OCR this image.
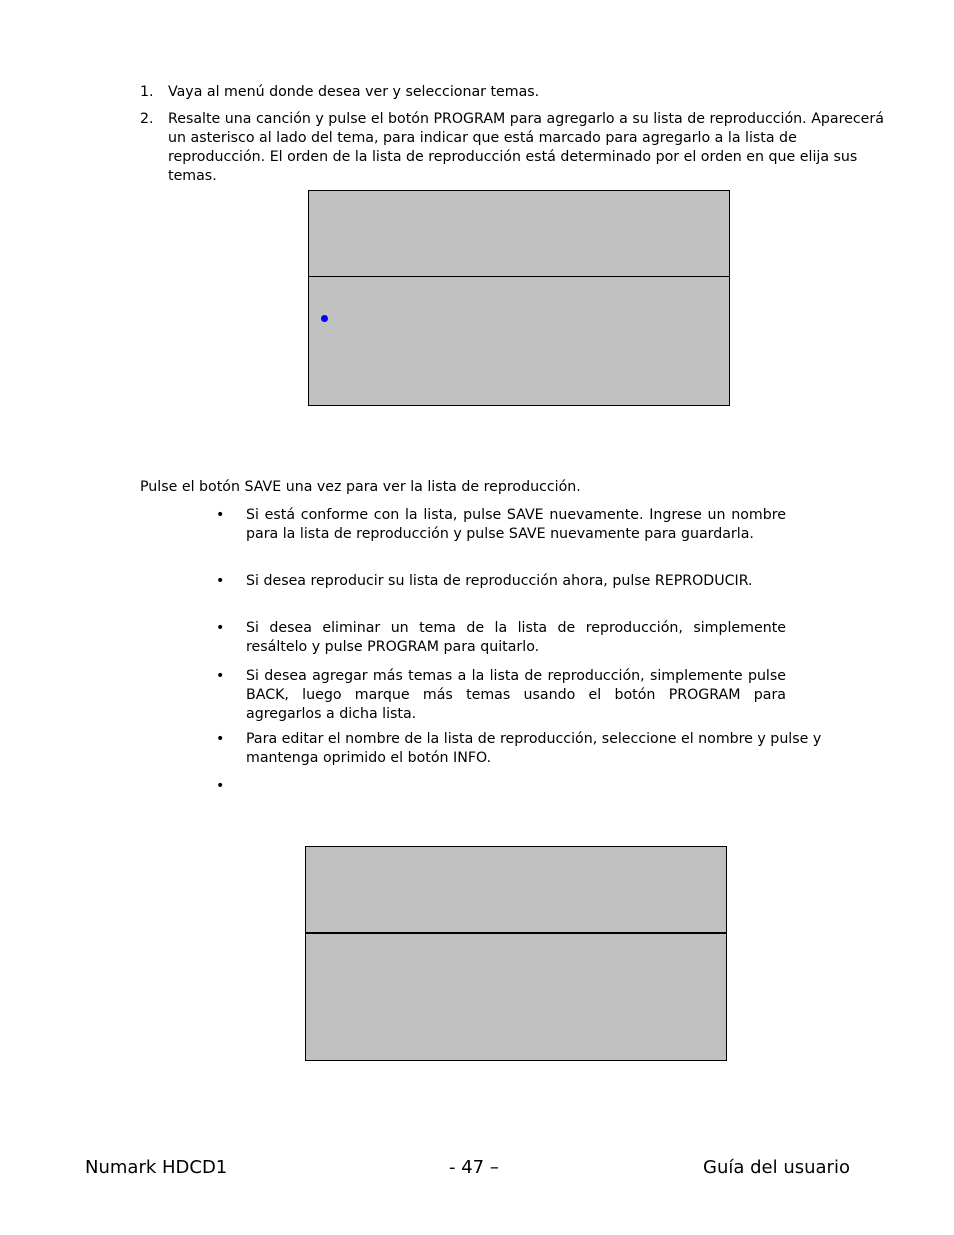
1. Vaya al menú donde desea ver y seleccionar temas.
2. Resalte una canción y pulse el botón PROGRAM para agregarlo a su lista de reproducción. Aparecerá un asterisco al lado del tema, para indicar que está marcado para agregarlo a la lista de reproducción. El orden de la lista de reproducción está determinado por el orden en que elija sus temas.
Pulse el botón SAVE una vez para ver la lista de reproducción.
• Si está conforme con la lista, pulse SAVE nuevamente. Ingrese un nombre para la lista de reproducción y pulse SAVE nuevamente para guardarla.
• Si desea reproducir su lista de reproducción ahora, pulse REPRODUCIR.
• Si desea eliminar un tema de la lista de reproducción, simplemente resáltelo y pulse PROGRAM para quitarlo.
• Si desea agregar más temas a la lista de reproducción, simplemente pulse BACK, luego marque más temas usando el botón PROGRAM para agregarlos a dicha lista.
• Para editar el nombre de la lista de reproducción, seleccione el nombre y pulse y mantenga oprimido el botón INFO.
•
Numark HDCD1	- 47 –	Guía del usuario
